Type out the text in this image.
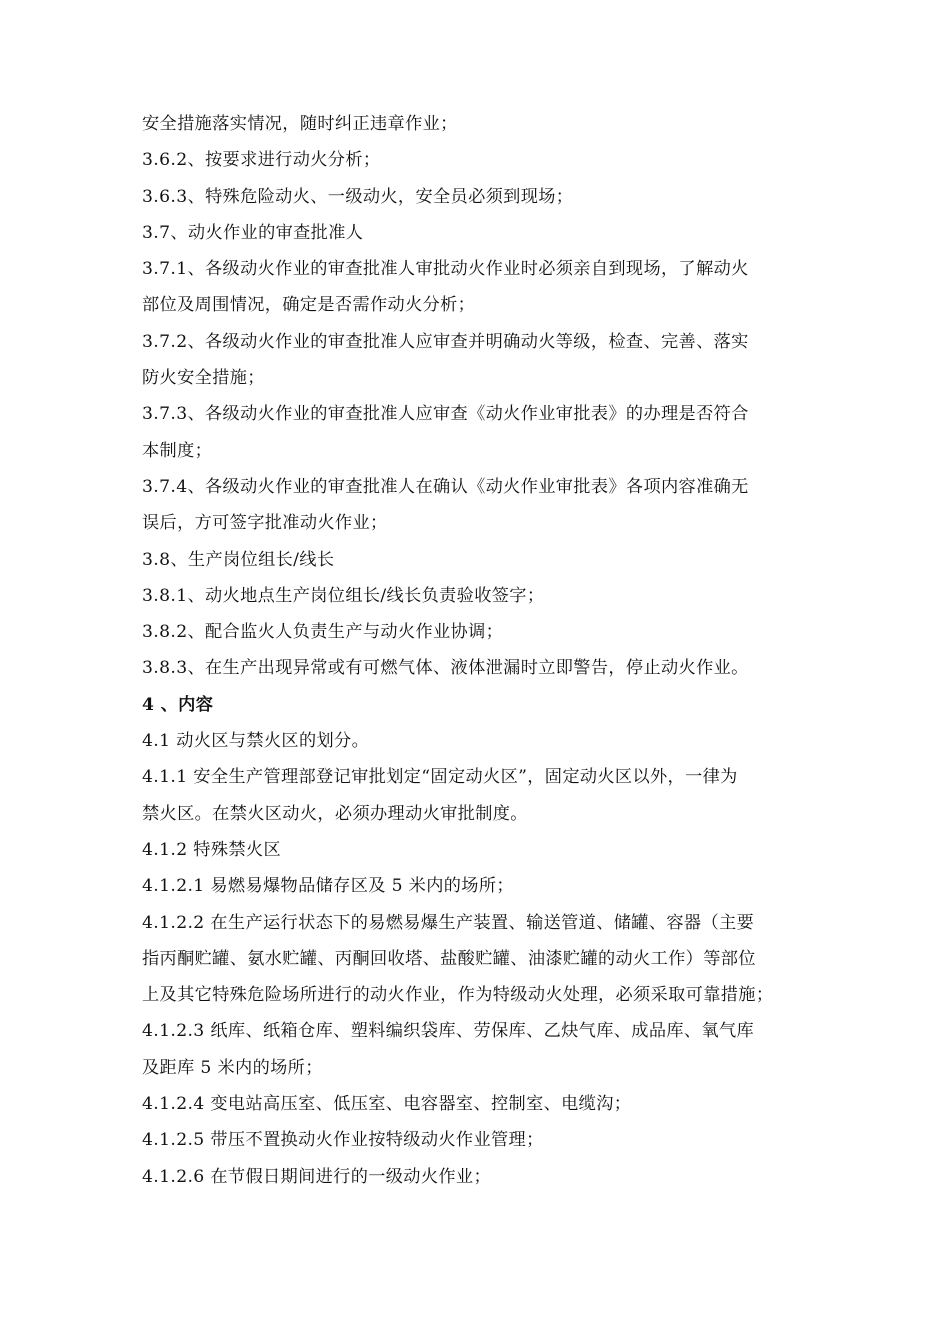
安全措施落实情况，随时纠正违章作业；
3.6.2、按要求进行动火分析；
3.6.3、特殊危险动火、一级动火，安全员必须到现场；
3.7、动火作业的审查批准人
3.7.1、各级动火作业的审查批准人审批动火作业时必须亲自到现场，了解动火
部位及周围情况，确定是否需作动火分析；
3.7.2、各级动火作业的审查批准人应审查并明确动火等级，检查、完善、落实
防火安全措施；
3.7.3、各级动火作业的审查批准人应审查《动火作业审批表》的办理是否符合
本制度；
3.7.4、各级动火作业的审查批准人在确认《动火作业审批表》各项内容准确无
误后，方可签字批准动火作业；
3.8、生产岗位组长/线长
3.8.1、动火地点生产岗位组长/线长负责验收签字；
3.8.2、配合监火人负责生产与动火作业协调；
3.8.3、在生产出现异常或有可燃气体、液体泄漏时立即警告，停止动火作业。
4 、内容
4.1 动火区与禁火区的划分。
4.1.1 安全生产管理部登记审批划定“固定动火区”，固定动火区以外，一律为
禁火区。在禁火区动火，必须办理动火审批制度。
4.1.2 特殊禁火区
4.1.2.1 易燃易爆物品储存区及 5 米内的场所；
4.1.2.2 在生产运行状态下的易燃易爆生产装置、输送管道、储罐、容器（主要
指丙酮贮罐、氨水贮罐、丙酮回收塔、盐酸贮罐、油漆贮罐的动火工作）等部位
上及其它特殊危险场所进行的动火作业，作为特级动火处理，必须采取可靠措施；
4.1.2.3 纸库、纸箱仓库、塑料编织袋库、劳保库、乙炔气库、成品库、氧气库
及距库 5 米内的场所；
4.1.2.4 变电站高压室、低压室、电容器室、控制室、电缆沟；
4.1.2.5 带压不置换动火作业按特级动火作业管理；
4.1.2.6 在节假日期间进行的一级动火作业；
